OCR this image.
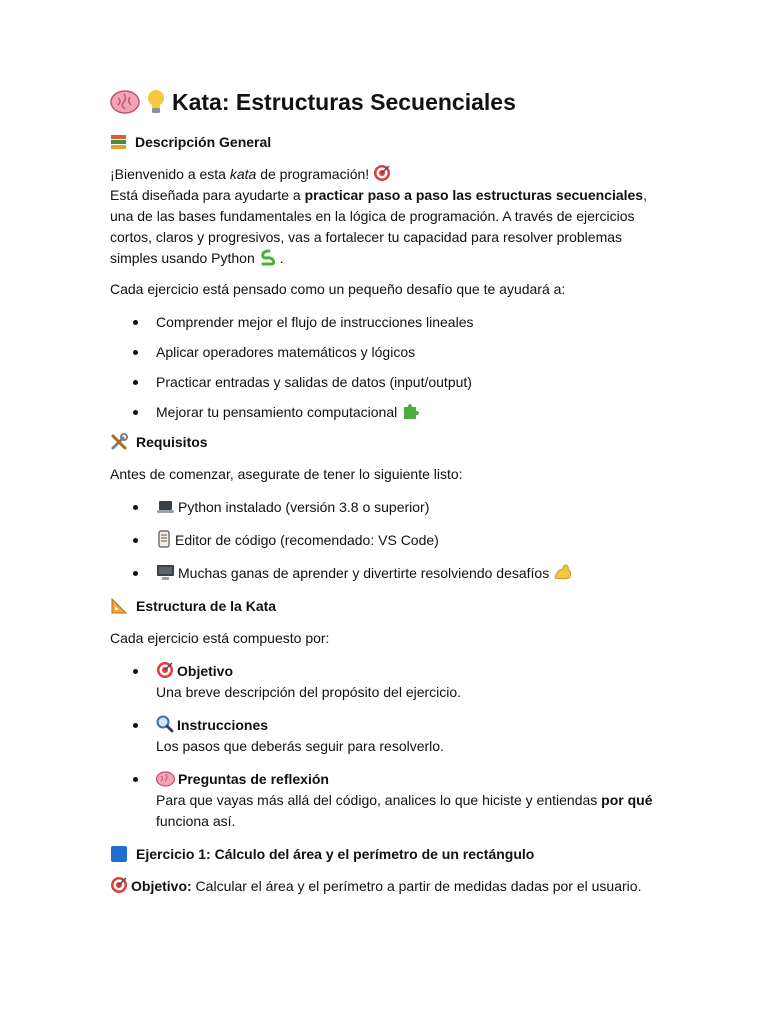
Kata: Estructuras Secuenciales
Descripción General

¡Bienvenido a esta kata de programación!

Está diseñada para ayudarte a practicar paso a paso las estructuras secuenciales, una de las bases fundamentales en la lógica de programación. A través de ejercicios cortos, claros y progresivos, vas a fortalecer tu capacidad para resolver problemas simples usando Python .

Cada ejercicio está pensado como un pequeño desafío que te ayudará a:

Comprender mejor el flujo de instrucciones lineales
Aplicar operadores matemáticos y lógicos
Practicar entradas y salidas de datos (input/output)
Mejorar tu pensamiento computacional
Requisitos

Antes de comenzar, asegurate de tener lo siguiente listo:

Python instalado (versión 3.8 o superior)
Editor de código (recomendado: VS Code)
Muchas ganas de aprender y divertirte resolviendo desafíos
Estructura de la Kata

Cada ejercicio está compuesto por:

Objetivo
Una breve descripción del propósito del ejercicio.
Instrucciones
Los pasos que deberás seguir para resolverlo.
Preguntas de reflexión
Para que vayas más allá del código, analices lo que hiciste y entiendas por qué funciona así.
Ejercicio 1: Cálculo del área y el perímetro de un rectángulo

Objetivo: Calcular el área y el perímetro a partir de medidas dadas por el usuario.
